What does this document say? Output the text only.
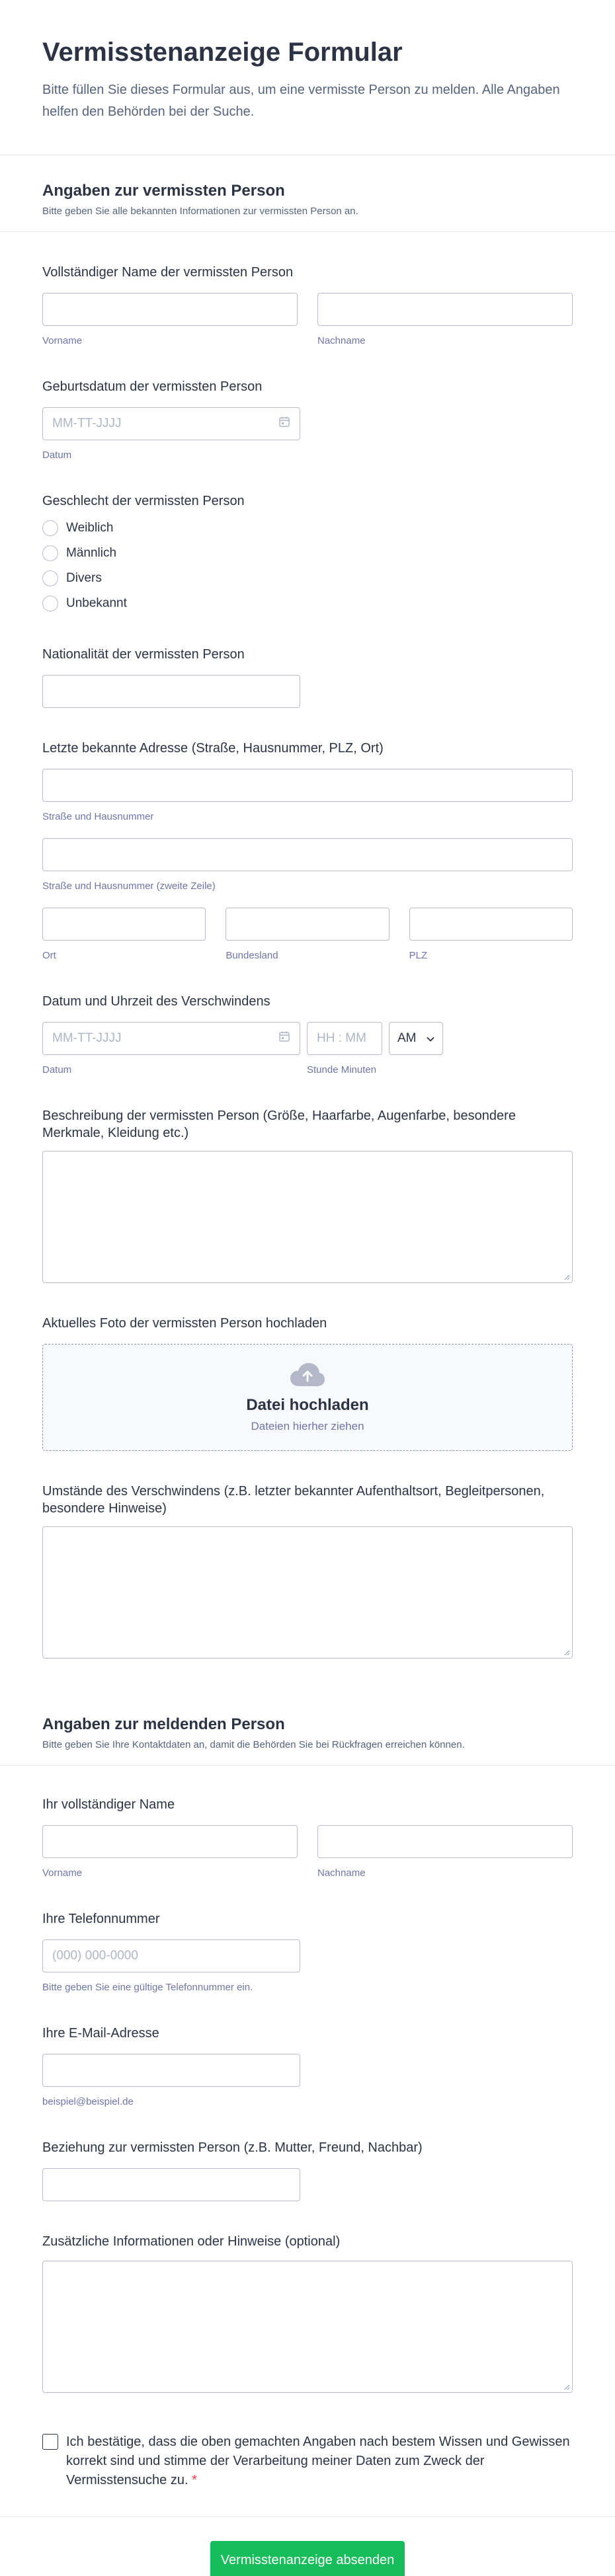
Vermisstenanzeige Formular

Bitte füllen Sie dieses Formular aus, um eine vermisste Person zu melden. Alle Angaben helfen den Behörden bei der Suche.

Angaben zur vermissten Person

Bitte geben Sie alle bekannten Informationen zur vermissten Person an.

Vollständiger Name der vermissten Person
Vorname	Nachname
Geburtsdatum der vermissten Person
MM-TT-JJJJ
Datum
Geschlecht der vermissten Person
Weiblich
Männlich
Divers
Unbekannt
Nationalität der vermissten Person
Letzte bekannte Adresse (Straße, Hausnummer, PLZ, Ort)
Straße und Hausnummer
Straße und Hausnummer (zweite Zeile)
Ort	Bundesland	PLZ
Datum und Uhrzeit des Verschwindens
MM-TT-JJJJ
Datum
HH : MM
Stunde Minuten
AM
Beschreibung der vermissten Person (Größe, Haarfarbe, Augenfarbe, besondere Merkmale, Kleidung etc.)
Aktuelles Foto der vermissten Person hochladen
Datei hochladen
Dateien hierher ziehen
Umstände des Verschwindens (z.B. letzter bekannter Aufenthaltsort, Begleitpersonen, besondere Hinweise)
Angaben zur meldenden Person

Bitte geben Sie Ihre Kontaktdaten an, damit die Behörden Sie bei Rückfragen erreichen können.

Ihr vollständiger Name
Vorname	Nachname
Ihre Telefonnummer
(000) 000-0000
Bitte geben Sie eine gültige Telefonnummer ein.
Ihre E-Mail-Adresse
beispiel@beispiel.de
Beziehung zur vermissten Person (z.B. Mutter, Freund, Nachbar)
Zusätzliche Informationen oder Hinweise (optional)
Ich bestätige, dass die oben gemachten Angaben nach bestem Wissen und Gewissen korrekt sind und stimme der Verarbeitung meiner Daten zum Zweck der Vermisstensuche zu. *
Vermisstenanzeige absenden
